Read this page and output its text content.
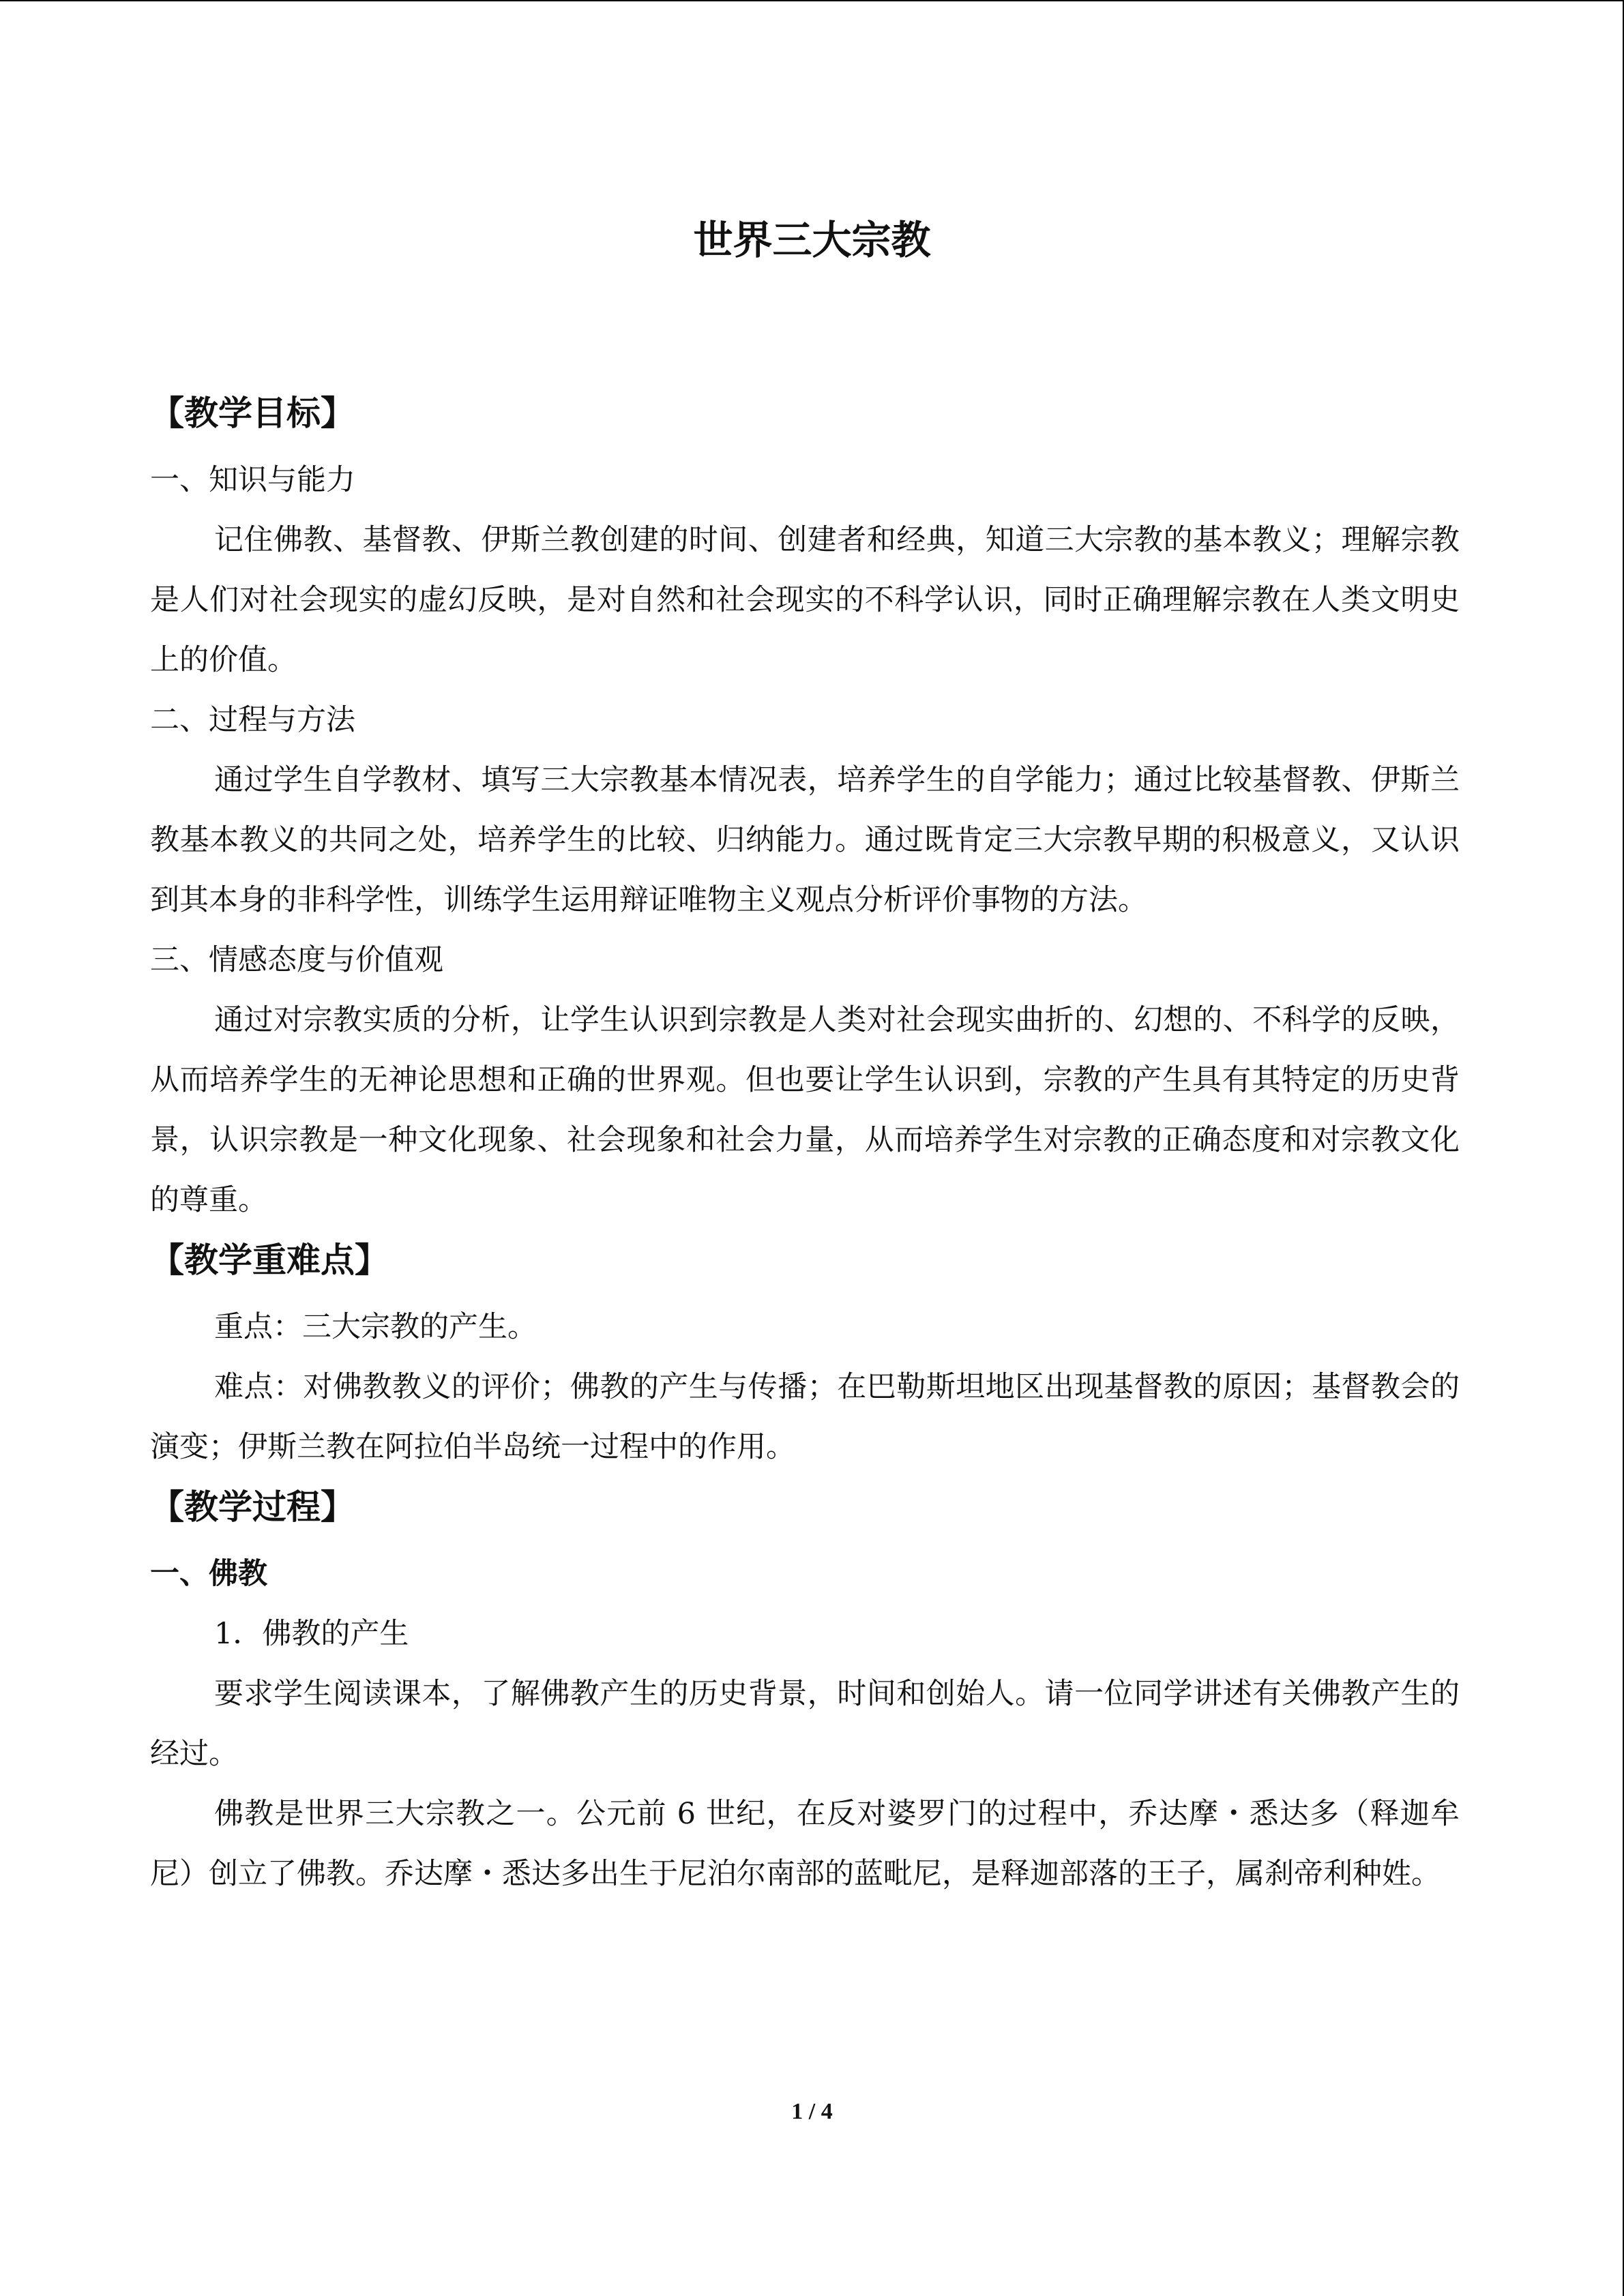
世界三大宗教
【教学目标】

一、知识与能力

记住佛教、基督教、伊斯兰教创建的时间、创建者和经典，知道三大宗教的基本教义；理解宗教是人们对社会现实的虚幻反映，是对自然和社会现实的不科学认识，同时正确理解宗教在人类文明史上的价值。

二、过程与方法

通过学生自学教材、填写三大宗教基本情况表，培养学生的自学能力；通过比较基督教、伊斯兰教基本教义的共同之处，培养学生的比较、归纳能力。通过既肯定三大宗教早期的积极意义，又认识到其本身的非科学性，训练学生运用辩证唯物主义观点分析评价事物的方法。

三、情感态度与价值观

通过对宗教实质的分析，让学生认识到宗教是人类对社会现实曲折的、幻想的、不科学的反映，从而培养学生的无神论思想和正确的世界观。但也要让学生认识到，宗教的产生具有其特定的历史背景，认识宗教是一种文化现象、社会现象和社会力量，从而培养学生对宗教的正确态度和对宗教文化的尊重。

【教学重难点】

重点：三大宗教的产生。

难点：对佛教教义的评价；佛教的产生与传播；在巴勒斯坦地区出现基督教的原因；基督教会的演变；伊斯兰教在阿拉伯半岛统一过程中的作用。

【教学过程】

一、佛教

1．佛教的产生

要求学生阅读课本，了解佛教产生的历史背景，时间和创始人。请一位同学讲述有关佛教产生的经过。

佛教是世界三大宗教之一。公元前 6 世纪，在反对婆罗门的过程中，乔达摩・悉达多（释迦牟尼）创立了佛教。乔达摩・悉达多出生于尼泊尔南部的蓝毗尼，是释迦部落的王子，属刹帝利种姓。

1 / 4
